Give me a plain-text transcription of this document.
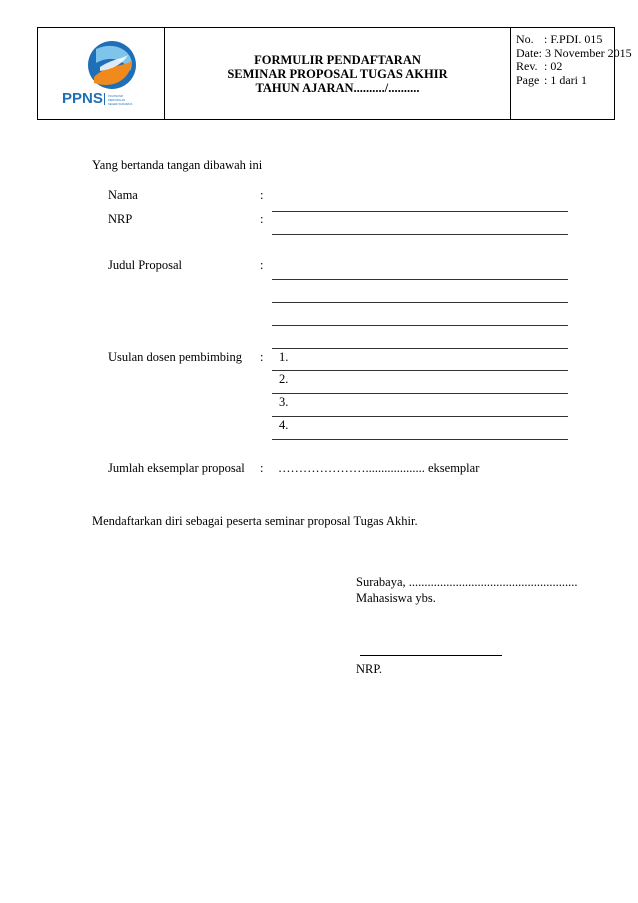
PPNS POLITEKNIK
PERKAPALAN
NEGERI SURABAYA
FORMULIR PENDAFTARAN
SEMINAR PROPOSAL TUGAS AKHIR
TAHUN AJARAN........../..........
No. : F.PDI. 015
Date : 3 November 2015
Rev. : 02
Page : 1 dari 1
Yang bertanda tangan dibawah ini
Nama	:
NRP	:
Judul Proposal	:
Usulan dosen pembimbing : 1.
2.
3.
4.
Jumlah eksemplar proposal : …………………................... eksemplar
Mendaftarkan diri sebagai peserta seminar proposal Tugas Akhir.
Surabaya, ......................................................
Mahasiswa ybs.
NRP.
